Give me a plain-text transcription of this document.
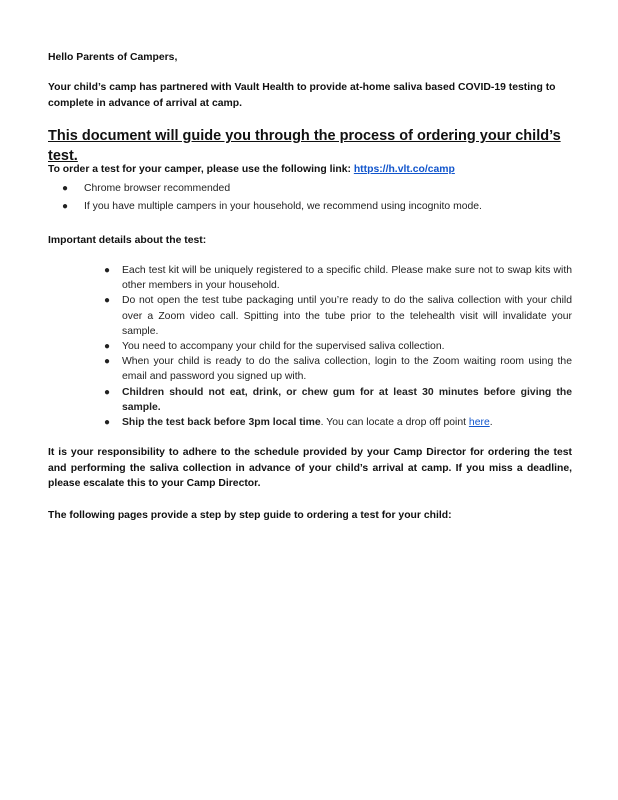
Hello Parents of Campers,

Your child’s camp has partnered with Vault Health to provide at-home saliva based COVID-19 testing to complete in advance of arrival at camp.

This document will guide you through the process of ordering your child’s test.

To order a test for your camper, please use the following link: https://h.vlt.co/camp

● Chrome browser recommended
● If you have multiple campers in your household, we recommend using incognito mode.

Important details about the test:

● Each test kit will be uniquely registered to a specific child. Please make sure not to swap kits with other members in your household.
● Do not open the test tube packaging until you’re ready to do the saliva collection with your child over a Zoom video call. Spitting into the tube prior to the telehealth visit will invalidate your sample.
● You need to accompany your child for the supervised saliva collection.
● When your child is ready to do the saliva collection, login to the Zoom waiting room using the email and password you signed up with.
● Children should not eat, drink, or chew gum for at least 30 minutes before giving the sample.
● Ship the test back before 3pm local time. You can locate a drop off point here.

It is your responsibility to adhere to the schedule provided by your Camp Director for ordering the test and performing the saliva collection in advance of your child’s arrival at camp. If you miss a deadline, please escalate this to your Camp Director.

The following pages provide a step by step guide to ordering a test for your child:
